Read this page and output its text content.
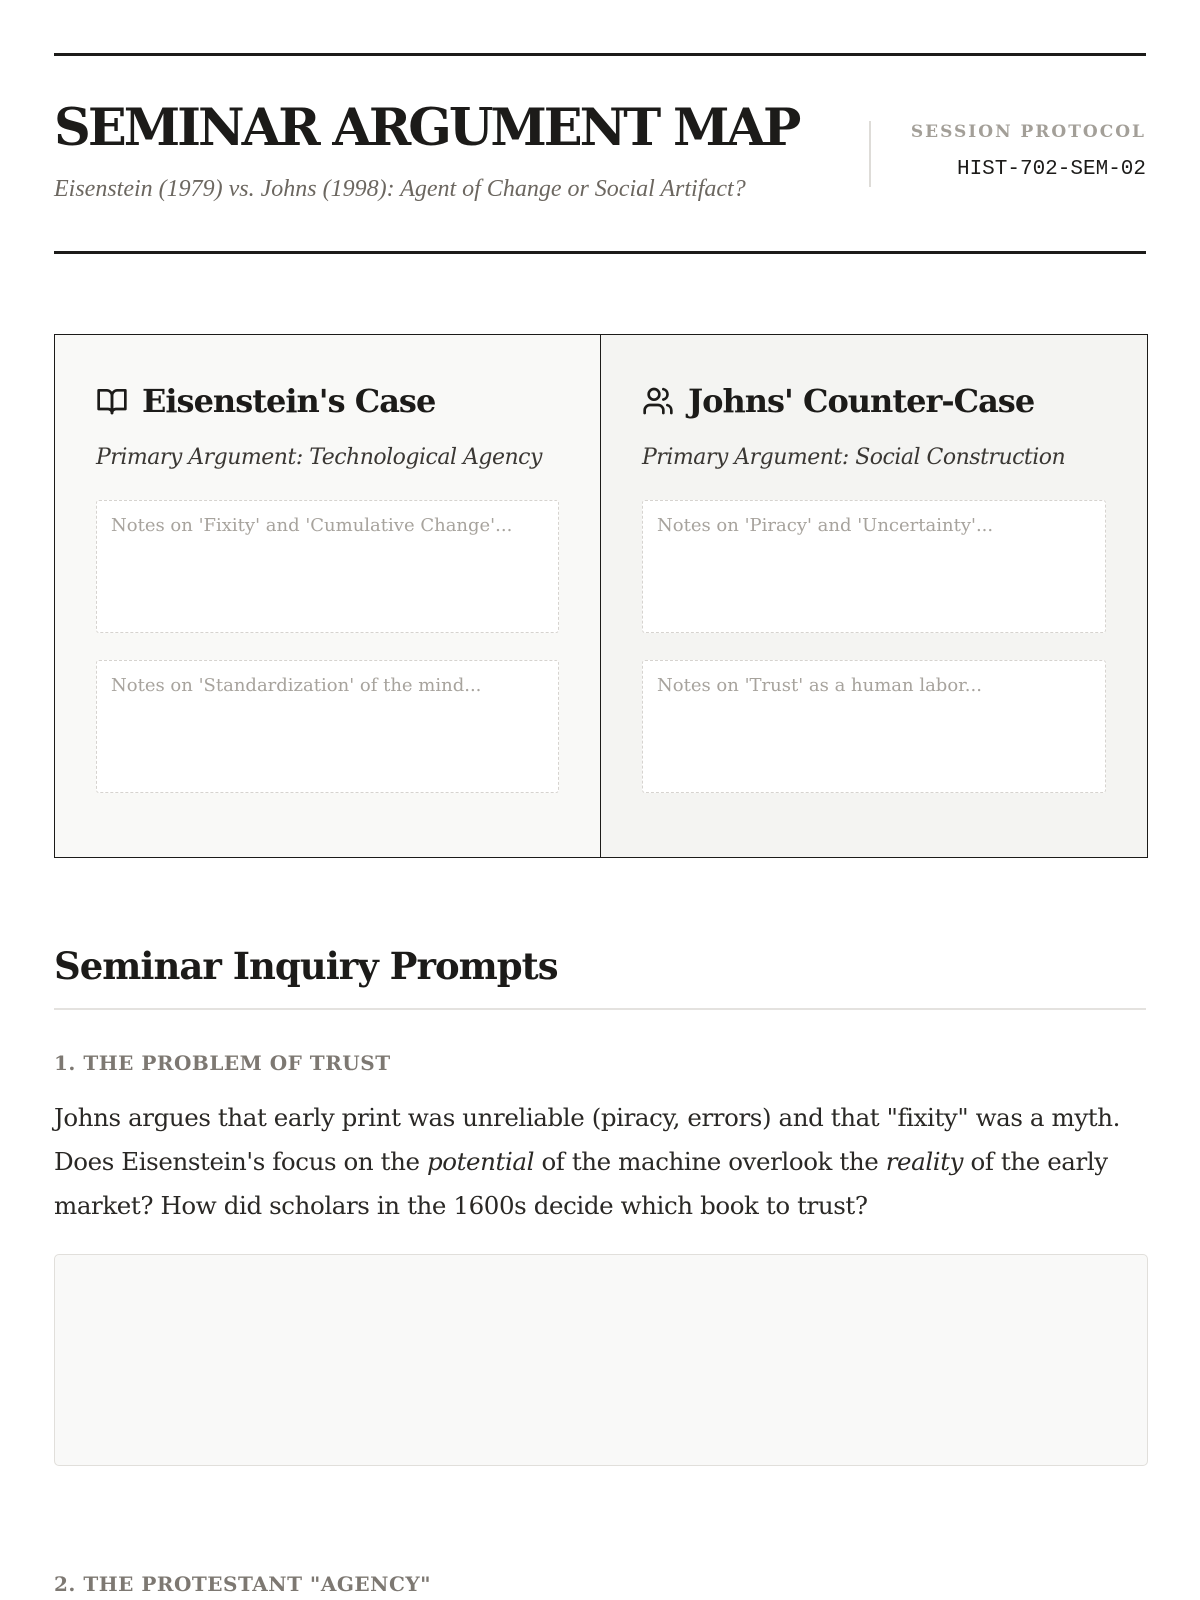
SEMINAR ARGUMENT MAP
Eisenstein (1979) vs. Johns (1998): Agent of Change or Social Artifact?
SESSION PROTOCOL
HIST-702-SEM-02
Eisenstein's Case
Primary Argument: Technological Agency
Notes on 'Fixity' and 'Cumulative Change'...
Notes on 'Standardization' of the mind...
Johns' Counter-Case
Primary Argument: Social Construction
Notes on 'Piracy' and 'Uncertainty'...
Notes on 'Trust' as a human labor...
Seminar Inquiry Prompts
1. THE PROBLEM OF TRUST

Johns argues that early print was unreliable (piracy, errors) and that "fixity" was a myth. Does Eisenstein's focus on the potential of the machine overlook the reality of the early market? How did scholars in the 1600s decide which book to trust?

2. THE PROTESTANT "AGENCY"
